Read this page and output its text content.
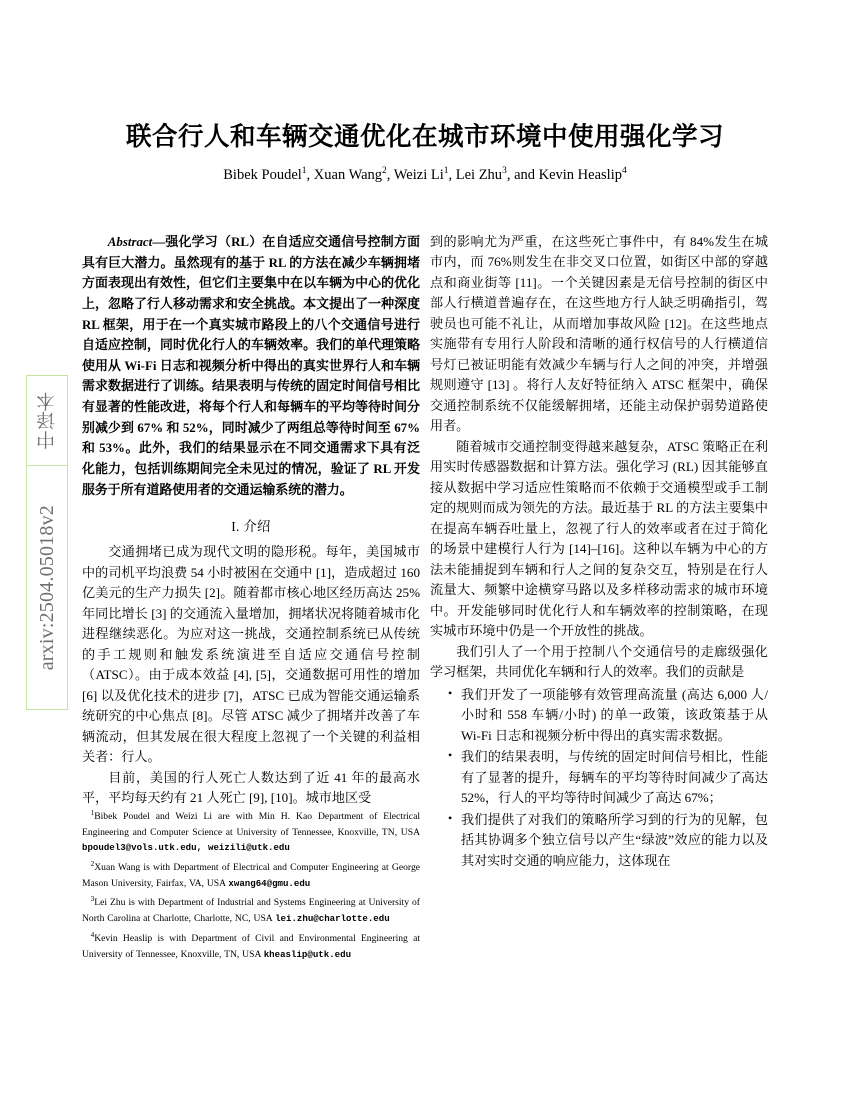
arxiv:2504.05018v2
中译本
联合行人和车辆交通优化在城市环境中使用强化学习
Bibek Poudel$^1$, Xuan Wang$^2$, Weizi Li$^1$, Lei Zhu$^3$, and Kevin Heaslip$^4$

Abstract—强化学习（RL）在自适应交通信号控制方面具有巨大潜力。虽然现有的基于 RL 的方法在减少车辆拥堵方面表现出有效性，但它们主要集中在以车辆为中心的优化上，忽略了行人移动需求和安全挑战。本文提出了一种深度 RL 框架，用于在一个真实城市路段上的八个交通信号进行自适应控制，同时优化行人的车辆效率。我们的单代理策略使用从 Wi-Fi 日志和视频分析中得出的真实世界行人和车辆需求数据进行了训练。结果表明与传统的固定时间信号相比有显著的性能改进，将每个行人和每辆车的平均等待时间分别减少到 67% 和 52%，同时减少了两组总等待时间至 67% 和 53%。此外，我们的结果显示在不同交通需求下具有泛化能力，包括训练期间完全未见过的情况，验证了 RL 开发服务于所有道路使用者的交通运输系统的潜力。

I. 介绍

交通拥堵已成为现代文明的隐形税。每年，美国城市中的司机平均浪费 54 小时被困在交通中 [1]，造成超过 160 亿美元的生产力损失 [2]。随着都市核心地区经历高达 25% 年同比增长 [3] 的交通流入量增加，拥堵状况将随着城市化进程继续恶化。为应对这一挑战，交通控制系统已从传统的手工规则和触发系统演进至自适应交通信号控制（ATSC）。由于成本效益 [4], [5]，交通数据可用性的增加 [6] 以及优化技术的进步 [7]，ATSC 已成为智能交通运输系统研究的中心焦点 [8]。尽管 ATSC 减少了拥堵并改善了车辆流动，但其发展在很大程度上忽视了一个关键的利益相关者：行人。

目前，美国的行人死亡人数达到了近 41 年的最高水平，平均每天约有 21 人死亡 [9], [10]。城市地区受

到的影响尤为严重，在这些死亡事件中，有 84%发生在城市内，而 76%则发生在非交叉口位置，如街区中部的穿越点和商业街等 [11]。一个关键因素是无信号控制的街区中部人行横道普遍存在，在这些地方行人缺乏明确指引，驾驶员也可能不礼让，从而增加事故风险 [12]。在这些地点实施带有专用行人阶段和清晰的通行权信号的人行横道信号灯已被证明能有效减少车辆与行人之间的冲突，并增强规则遵守 [13] 。将行人友好特征纳入 ATSC 框架中，确保交通控制系统不仅能缓解拥堵，还能主动保护弱势道路使用者。

随着城市交通控制变得越来越复杂，ATSC 策略正在利用实时传感器数据和计算方法。强化学习 (RL) 因其能够直接从数据中学习适应性策略而不依赖于交通模型或手工制定的规则而成为领先的方法。最近基于 RL 的方法主要集中在提高车辆吞吐量上，忽视了行人的效率或者在过于简化的场景中建模行人行为 [14]–[16]。这种以车辆为中心的方法未能捕捉到车辆和行人之间的复杂交互，特别是在行人流量大、频繁中途横穿马路以及多样移动需求的城市环境中。开发能够同时优化行人和车辆效率的控制策略，在现实城市环境中仍是一个开放性的挑战。

我们引人了一个用于控制八个交通信号的走廊级强化学习框架，共同优化车辆和行人的效率。我们的贡献是

• 我们开发了一项能够有效管理高流量 (高达 6,000 人/小时和 558 车辆/小时) 的单一政策，该政策基于从 Wi-Fi 日志和视频分析中得出的真实需求数据。
• 我们的结果表明，与传统的固定时间信号相比，性能有了显著的提升，每辆车的平均等待时间减少了高达 52%，行人的平均等待时间减少了高达 67%；
• 我们提供了对我们的策略所学习到的行为的见解，包括其协调多个独立信号以产生“绿波”效应的能力以及其对实时交通的响应能力，这体现在

$^1$Bibek Poudel and Weizi Li are with Min H. Kao Department of Electrical Engineering and Computer Science at University of Tennessee, Knoxville, TN, USA bpoudel3@vols.utk.edu, weizili@utk.edu

$^2$Xuan Wang is with Department of Electrical and Computer Engineering at George Mason University, Fairfax, VA, USA xwang64@gmu.edu

$^3$Lei Zhu is with Department of Industrial and Systems Engineering at University of North Carolina at Charlotte, Charlotte, NC, USA lei.zhu@charlotte.edu

$^4$Kevin Heaslip is with Department of Civil and Environmental Engineering at University of Tennessee, Knoxville, TN, USA kheaslip@utk.edu
